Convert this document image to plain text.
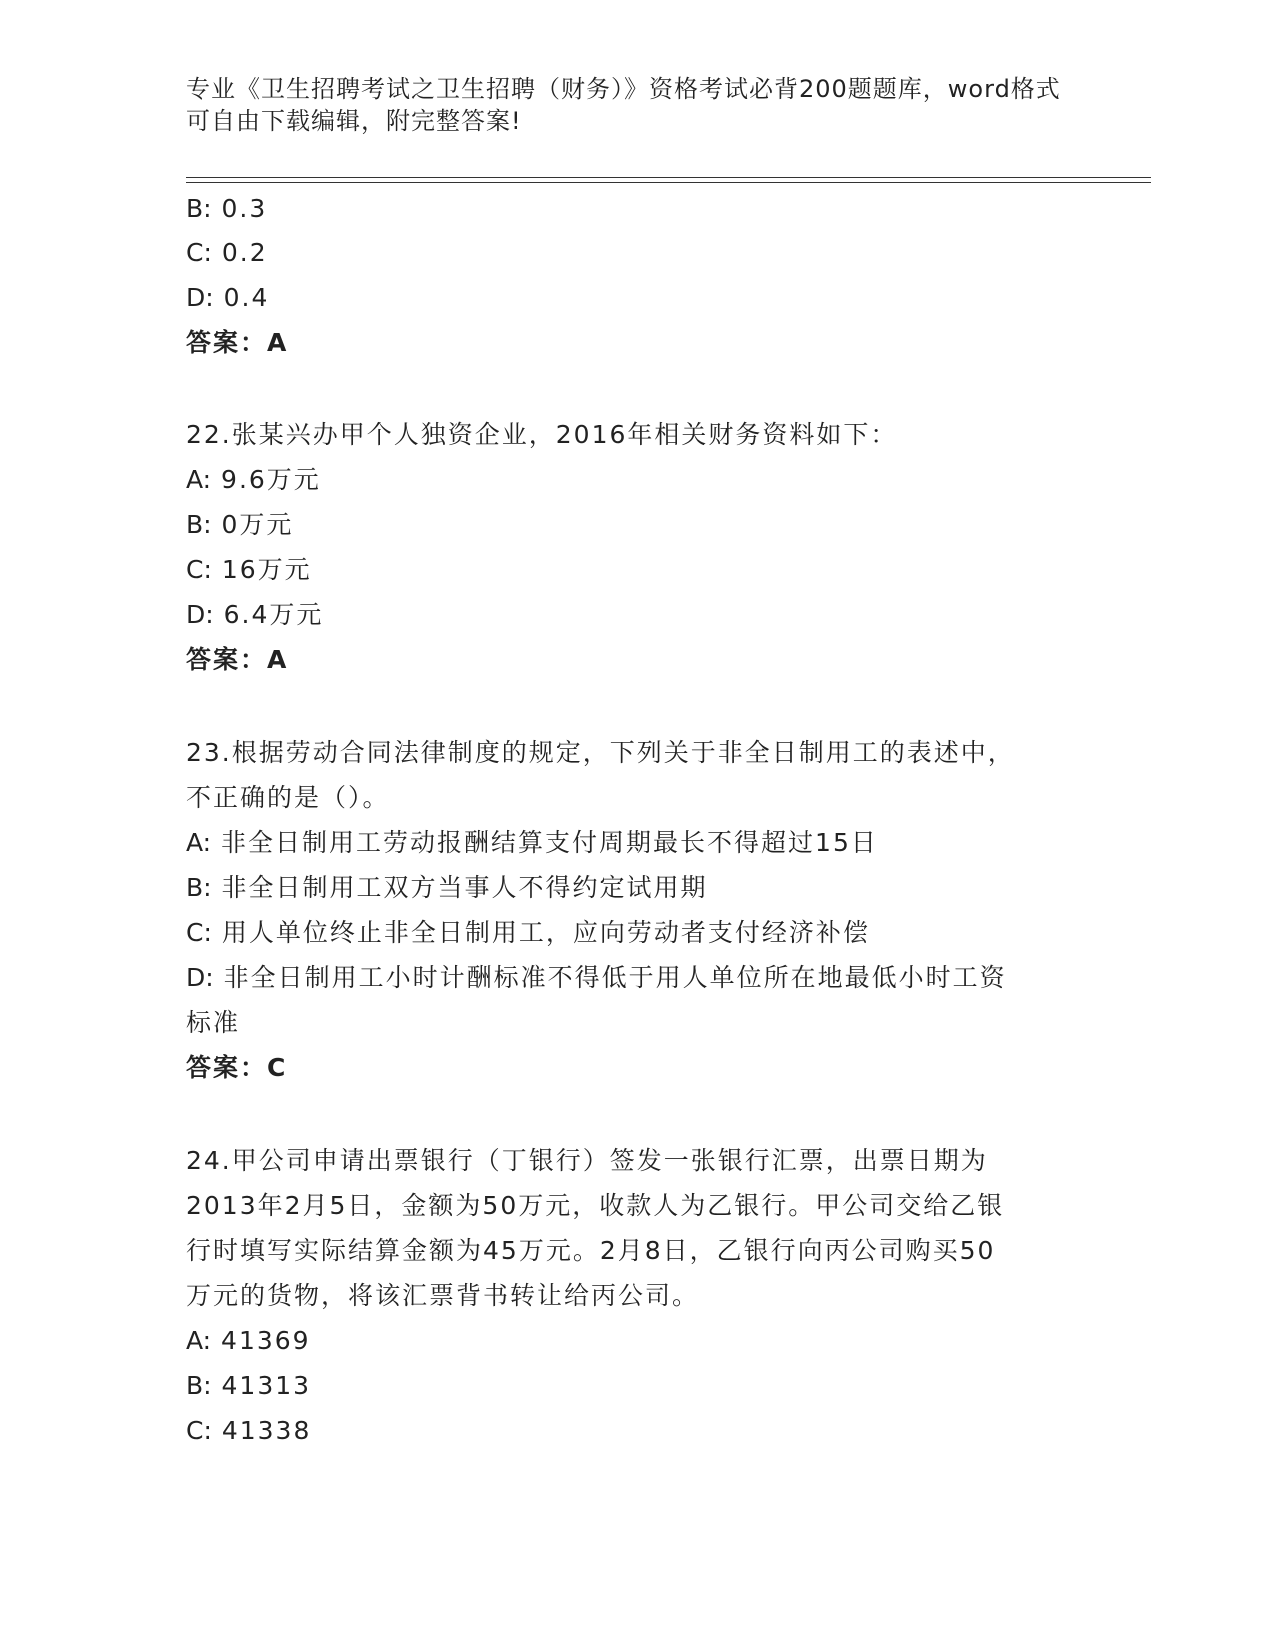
专业《卫生招聘考试之卫生招聘（财务）》资格考试必背200题题库，word格式
可自由下载编辑，附完整答案!
B: 0.3
C: 0.2
D: 0.4
答案：A
22.张某兴办甲个人独资企业，2016年相关财务资料如下：
A: 9.6万元
B: 0万元
C: 16万元
D: 6.4万元
答案：A
23.根据劳动合同法律制度的规定，下列关于非全日制用工的表述中，
不正确的是（）。
A: 非全日制用工劳动报酬结算支付周期最长不得超过15日
B: 非全日制用工双方当事人不得约定试用期
C: 用人单位终止非全日制用工，应向劳动者支付经济补偿
D: 非全日制用工小时计酬标准不得低于用人单位所在地最低小时工资
标准
答案：C
24.甲公司申请出票银行（丁银行）签发一张银行汇票，出票日期为
2013年2月5日，金额为50万元，收款人为乙银行。甲公司交给乙银
行时填写实际结算金额为45万元。2月8日，乙银行向丙公司购买50
万元的货物，将该汇票背书转让给丙公司。
A: 41369
B: 41313
C: 41338
